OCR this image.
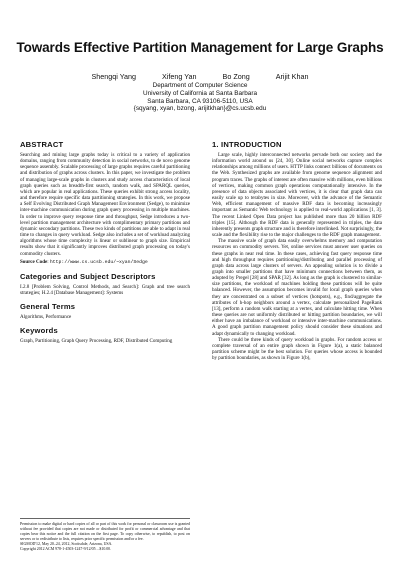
Towards Effective Partition Management for Large Graphs
Shengqi Yang	Xifeng Yan	Bo Zong	Arijit Khan
Department of Computer Science
University of California at Santa Barbara
Santa Barbara, CA 93106-5110, USA
{sqyang, xyan, bzong, arijitkhan}@cs.ucsb.edu
ABSTRACT

Searching and mining large graphs today is critical to a variety of application domains, ranging from community detection in social networks, to de novo genome sequence assembly. Scalable processing of large graphs requires careful partitioning and distribution of graphs across clusters. In this paper, we investigate the problem of managing large-scale graphs in clusters and study access characteristics of local graph queries such as breadth-first search, random walk, and SPARQL queries, which are popular in real applications. These queries exhibit strong access locality, and therefore require specific data partitioning strategies. In this work, we propose a Self Evolving Distributed Graph Management Environment (Sedge), to minimize inter-machine communication during graph query processing in multiple machines. In order to improve query response time and throughput, Sedge introduces a two-level partition management architecture with complimentary primary partitions and dynamic secondary partitions. These two kinds of partitions are able to adapt in real time to changes in query workload. Sedge also includes a set of workload analyzing algorithms whose time complexity is linear or sublinear to graph size. Empirical results show that it significantly improves distributed graph processing on today's commodity clusters.

Source Code: http://www.cs.ucsb.edu/~xyan/Sedge
Categories and Subject Descriptors

I.2.8 [Problem Solving, Control Methods, and Search]: Graph and tree search strategies; H.2.4 [Database Management]: Systems

General Terms

Algorithms, Performance

Keywords

Graph, Partitioning, Graph Query Processing, RDF, Distributed Computing

Permission to make digital or hard copies of all or part of this work for personal or classroom use is granted without fee provided that copies are not made or distributed for profit or commercial advantage and that copies bear this notice and the full citation on the first page. To copy otherwise, to republish, to post on servers or to redistribute to lists, requires prior specific permission and/or a fee.
SIGMOD'12, May 20–24, 2012, Scottsdale, Arizona, USA.
Copyright 2012 ACM 978-1-4503-1247-9/12/05 ...$10.00.
1. INTRODUCTION

Large scale, highly interconnected networks pervade both our society and the information world around us [24, 30]. Online social networks capture complex relationships among millions of users. HTTP links connect billions of documents on the Web. Synthesized graphs are available from genome sequence alignment and program traces. The graphs of interest are often massive with millions, even billions of vertices, making common graph operations computationally intensive. In the presence of data objects associated with vertices, it is clear that graph data can easily scale up to terabytes in size. Moreover, with the advance of the Semantic Web, efficient management of massive RDF data is becoming increasingly important as Semantic Web technology is applied to real-world applications [1, 3]. The recent Linked Open Data project has published more than 20 billion RDF triples [15]. Although the RDF data is generally represented in triples, the data inherently presents graph structure and is therefore interlinked. Not surprisingly, the scale and the flexibility rise to the major challenges to the RDF graph management.

The massive scale of graph data easily overwhelms memory and computation resources on commodity servers. Yet, online services must answer user queries on these graphs in near real time. In these cases, achieving fast query response time and high throughput requires partitioning/distributing and parallel processing of graph data across large clusters of servers. An appealing solution is to divide a graph into smaller partitions that have minimum connections between them, as adopted by Pregel [28] and SPAR [32]. As long as the graph is clustered to similar-size partitions, the workload of machines holding these partitions will be quite balanced. However, the assumption becomes invalid for local graph queries when they are concentrated on a subset of vertices (hotspots), e.g., find/aggregate the attributes of h-hop neighbors around a vertex, calculate personalized PageRank [13], perform a random walk starting at a vertex, and calculate hitting time. When these queries are not uniformly distributed or hitting partition boundaries, we will either have an imbalance of workload or intensive inter-machine communications. A good graph partition management policy should consider these situations and adapt dynamically to changing workload.

There could be three kinds of query workload in graphs. For random access or complete traversal of an entire graph shown in Figure 1(a), a static balanced partition scheme might be the best solution. For queries whose access is bounded by partition boundaries, as shown in Figure 1(b),
